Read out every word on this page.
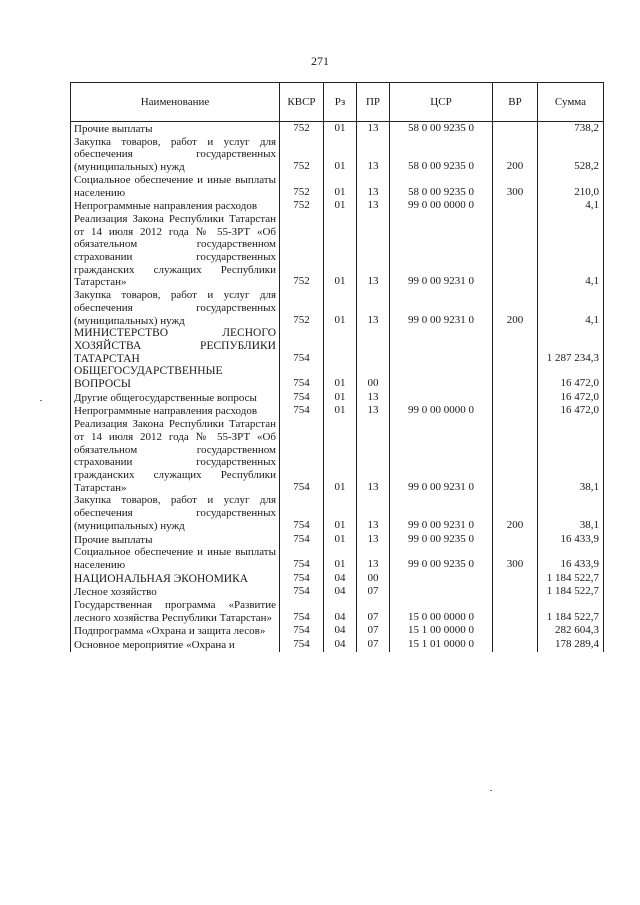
271
Наименование	КВСР	Рз	ПР	ЦСР	ВР	Сумма
Прочие выплаты	752	01	13	58 0 00 9235 0		738,2
Закупка товаров, работ и услуг для обеспечения государственных (муниципальных) нужд	752	01	13	58 0 00 9235 0	200	528,2
Социальное обеспечение и иные выплаты населению	752	01	13	58 0 00 9235 0	300	210,0
Непрограммные направления расходов	752	01	13	99 0 00 0000 0		4,1
Реализация Закона Республики Татарстан от 14 июля 2012 года № 55-ЗРТ «Об обязательном государственном страховании государственных гражданских служащих Республики Татарстан»	752	01	13	99 0 00 9231 0		4,1
Закупка товаров, работ и услуг для обеспечения государственных (муниципальных) нужд	752	01	13	99 0 00 9231 0	200	4,1
МИНИСТЕРСТВО ЛЕСНОГО ХОЗЯЙСТВА РЕСПУБЛИКИ ТАТАРСТАН	754					1 287 234,3
ОБЩЕГОСУДАРСТВЕННЫЕ ВОПРОСЫ	754	01	00			16 472,0
Другие общегосударственные вопросы	754	01	13			16 472,0
Непрограммные направления расходов	754	01	13	99 0 00 0000 0		16 472,0
Реализация Закона Республики Татарстан от 14 июля 2012 года № 55-ЗРТ «Об обязательном государственном страховании государственных гражданских служащих Республики Татарстан»	754	01	13	99 0 00 9231 0		38,1
Закупка товаров, работ и услуг для обеспечения государственных (муниципальных) нужд	754	01	13	99 0 00 9231 0	200	38,1
Прочие выплаты	754	01	13	99 0 00 9235 0		16 433,9
Социальное обеспечение и иные выплаты населению	754	01	13	99 0 00 9235 0	300	16 433,9
НАЦИОНАЛЬНАЯ ЭКОНОМИКА	754	04	00			1 184 522,7
Лесное хозяйство	754	04	07			1 184 522,7
Государственная программа «Развитие лесного хозяйства Республики Татарстан»	754	04	07	15 0 00 0000 0		1 184 522,7
Подпрограмма «Охрана и защита лесов»	754	04	07	15 1 00 0000 0		282 604,3
Основное мероприятие «Охрана и	754	04	07	15 1 01 0000 0		178 289,4
